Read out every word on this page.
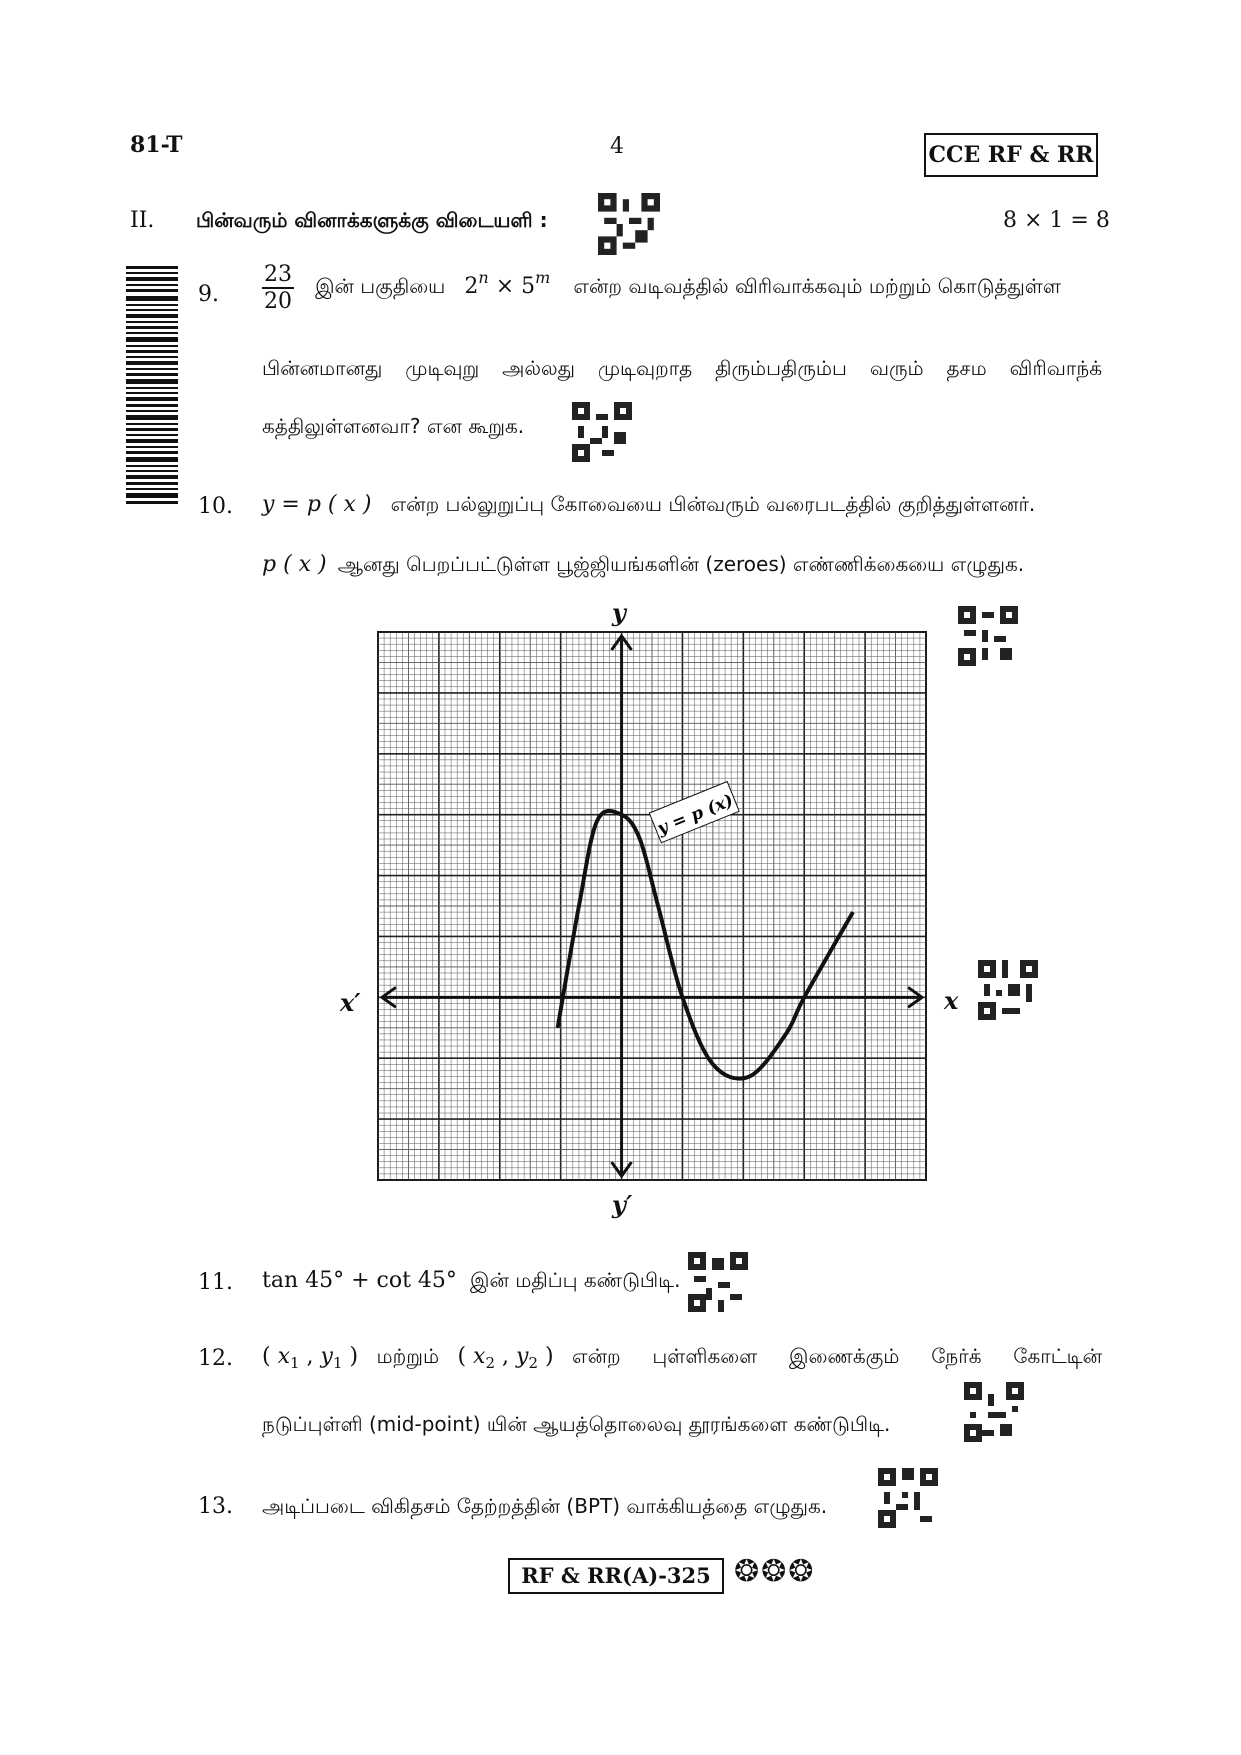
81-T	4	CCE RF & RR
II. பின்வரும் வினாக்களுக்கு விடையளி :	8 × 1 = 8
9. $\frac{23}{20}$ இன் பகுதியை $2^n \times 5^m$ என்ற வடிவத்தில் விரிவாக்கவும் மற்றும் கொடுத்துள்ள
பின்னமானது முடிவுறு அல்லது முடிவுறாத திரும்பதிரும்ப வரும் தசம விரிவாந்க்
கத்திலுள்ளனவா? என கூறுக.
10. y = p ( x ) என்ற பல்லுறுப்பு கோவையை பின்வரும் வரைபடத்தில் குறித்துள்ளனர்.
p ( x ) ஆனது பெறப்பட்டுள்ள பூஜ்ஜியங்களின் (zeroes) எண்ணிக்கையை எழுதுக.
y = p (x)
y
y′
x′	x
11. tan 45° + cot 45° இன் மதிப்பு கண்டுபிடி.
12. ( $x_1$ , $y_1$ ) மற்றும் ( $x_2$ , $y_2$ ) என்ற புள்ளிகளை இணைக்கும் நேர்க் கோட்டின்
நடுப்புள்ளி (mid-point) யின் ஆயத்தொலைவு தூரங்களை கண்டுபிடி.
13. அடிப்படை விகிதசம் தேற்றத்தின் (BPT) வாக்கியத்தை எழுதுக.
RF & RR(A)-325 ❂❂❂
